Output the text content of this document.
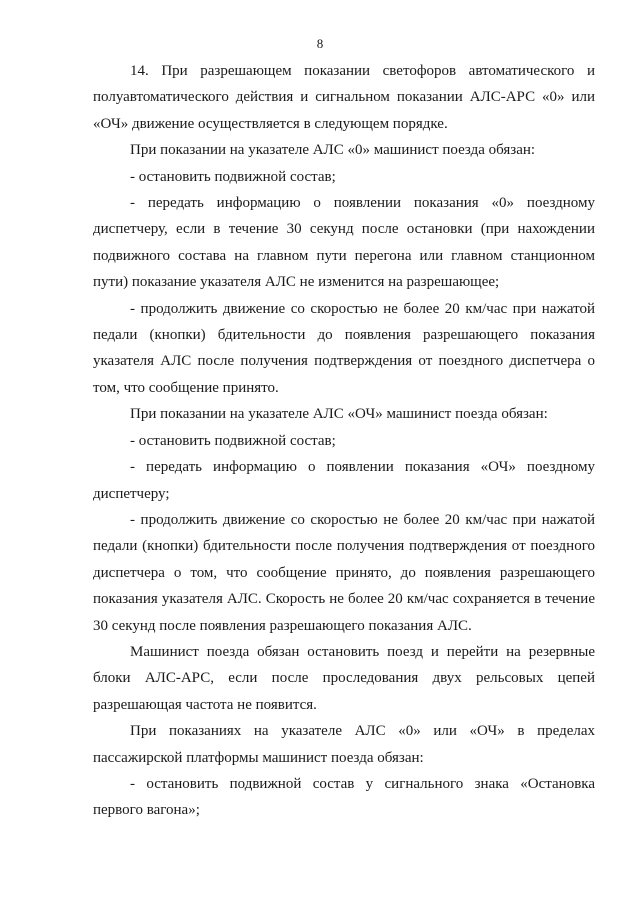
8

14. При разрешающем показании светофоров автоматического и полуавтоматического действия и сигнальном показании АЛС-АРС «0» или «ОЧ» движение осуществляется в следующем порядке.

При показании на указателе АЛС «0» машинист поезда обязан:

- остановить подвижной состав;

- передать информацию о появлении показания «0» поездному диспетчеру, если в течение 30 секунд после остановки (при нахождении подвижного состава на главном пути перегона или главном станционном пути) показание указателя АЛС не изменится на разрешающее;

- продолжить движение со скоростью не более 20 км/час при нажатой педали (кнопки) бдительности до появления разрешающего показания указателя АЛС после получения подтверждения от поездного диспетчера о том, что сообщение принято.

При показании на указателе АЛС «ОЧ» машинист поезда обязан:

- остановить подвижной состав;

- передать информацию о появлении показания «ОЧ» поездному диспетчеру;

- продолжить движение со скоростью не более 20 км/час при нажатой педали (кнопки) бдительности после получения подтверждения от поездного диспетчера о том, что сообщение принято, до появления разрешающего показания указателя АЛС. Скорость не более 20 км/час сохраняется в течение 30 секунд после появления разрешающего показания АЛС.

Машинист поезда обязан остановить поезд и перейти на резервные блоки АЛС-АРС, если после проследования двух рельсовых цепей разрешающая частота не появится.

При показаниях на указателе АЛС «0» или «ОЧ» в пределах пассажирской платформы машинист поезда обязан:

- остановить подвижной состав у сигнального знака «Остановка первого вагона»;
